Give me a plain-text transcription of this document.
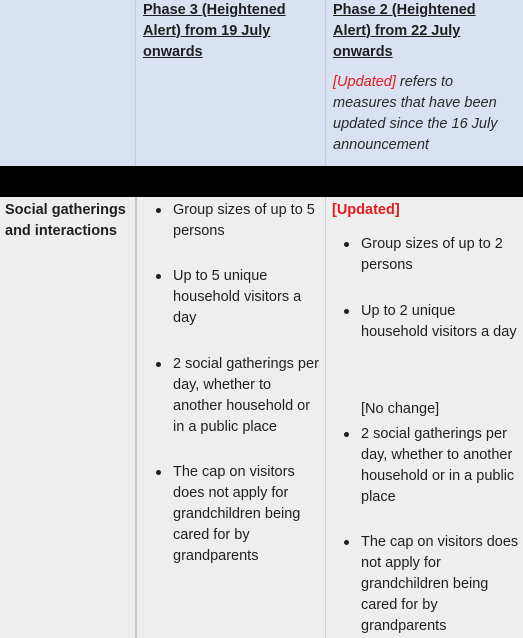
Phase 3 (Heightened Alert) from 19 July onwards
Phase 2 (Heightened Alert) from 22 July onwards
[Updated] refers to measures that have been updated since the 16 July announcement
Social gatherings and interactions
Group sizes of up to 5 persons
Up to 5 unique household visitors a day
2 social gatherings per day, whether to another household or in a public place
The cap on visitors does not apply for grandchildren being cared for by grandparents
[Updated]
Group sizes of up to 2 persons
Up to 2 unique household visitors a day
2 social gatherings per day, whether to another household or in a public place
The cap on visitors does not apply for grandchildren being cared for by grandparents
[No change]
